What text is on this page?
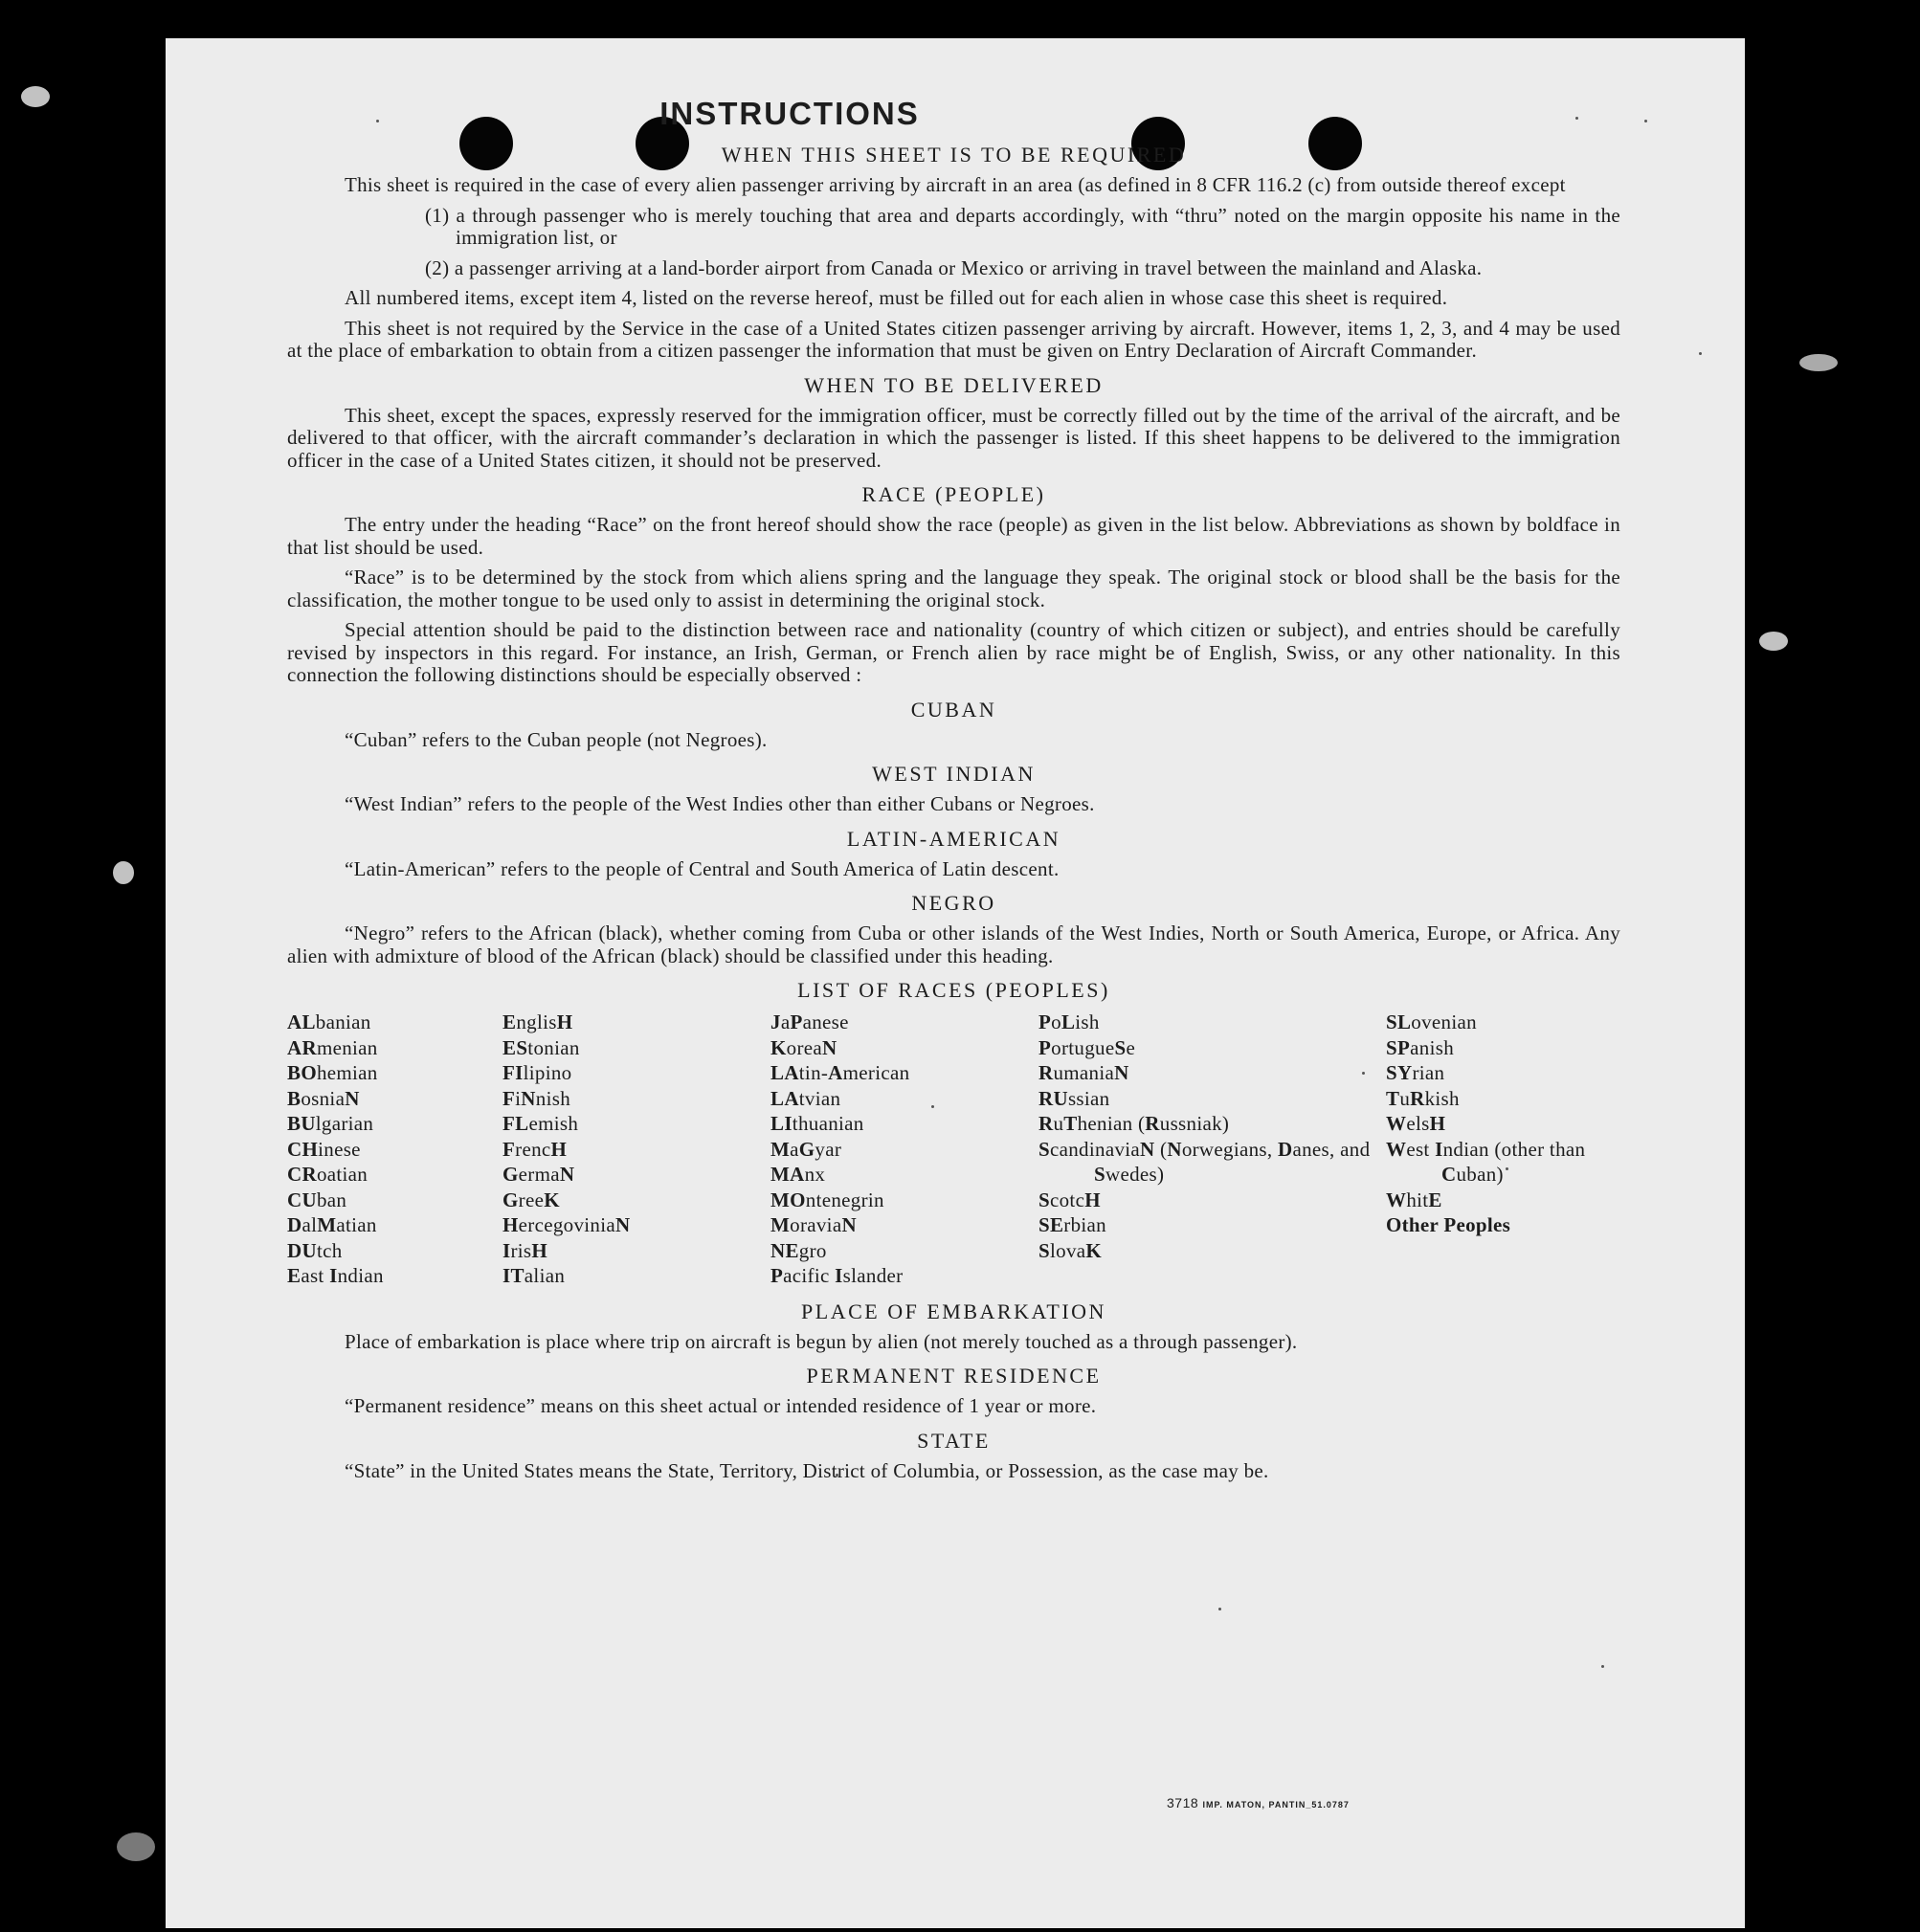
INSTRUCTIONS
WHEN THIS SHEET IS TO BE REQUIRED

This sheet is required in the case of every alien passenger arriving by aircraft in an area (as defined in 8 CFR 116.2 (c) from outside thereof except

(1) a through passenger who is merely touching that area and departs accordingly, with “thru” noted on the margin opposite his name in the immigration list, or
(2) a passenger arriving at a land-border airport from Canada or Mexico or arriving in travel between the mainland and Alaska.

All numbered items, except item 4, listed on the reverse hereof, must be filled out for each alien in whose case this sheet is required.

This sheet is not required by the Service in the case of a United States citizen passenger arriving by aircraft. However, items 1, 2, 3, and 4 may be used at the place of embarkation to obtain from a citizen passenger the information that must be given on Entry Declaration of Aircraft Commander.

WHEN TO BE DELIVERED

This sheet, except the spaces, expressly reserved for the immigration officer, must be correctly filled out by the time of the arrival of the aircraft, and be delivered to that officer, with the aircraft commander’s declaration in which the passenger is listed. If this sheet happens to be delivered to the immigration officer in the case of a United States citizen, it should not be preserved.

RACE (PEOPLE)

The entry under the heading “Race” on the front hereof should show the race (people) as given in the list below. Abbreviations as shown by boldface in that list should be used.

“Race” is to be determined by the stock from which aliens spring and the language they speak. The original stock or blood shall be the basis for the classification, the mother tongue to be used only to assist in determining the original stock.

Special attention should be paid to the distinction between race and nationality (country of which citizen or subject), and entries should be carefully revised by inspectors in this regard. For instance, an Irish, German, or French alien by race might be of English, Swiss, or any other nationality. In this connection the following distinctions should be especially observed :

CUBAN

“Cuban” refers to the Cuban people (not Negroes).

WEST INDIAN

“West Indian” refers to the people of the West Indies other than either Cubans or Negroes.

LATIN-AMERICAN

“Latin-American” refers to the people of Central and South America of Latin descent.

NEGRO

“Negro” refers to the African (black), whether coming from Cuba or other islands of the West Indies, North or South America, Europe, or Africa. Any alien with admixture of blood of the African (black) should be classified under this heading.

LIST OF RACES (PEOPLES)
ALbanian
ARmenian
BOhemian
BosniaN
BUlgarian
CHinese
CRoatian
CUban
DalMatian
DUtch
East Indian
EnglisH
EStonian
FIlipino
FiNnish
FLemish
FrencH
GermaN
GreeK
HercegoviniaN
IrisH
ITalian
JaPanese
KoreaN
LAtin-American
LAtvian
LIthuanian
MaGyar
MAnx
MOntenegrin
MoraviaN
NEgro
Pacific Islander
PoLish
PortugueSe
RumaniaN
RUssian
RuThenian (Russniak)
ScandinaviaN (Norwegians, Danes, and Swedes)
ScotcH
SErbian
SlovaK
SLovenian
SPanish
SYrian
TuRkish
WelsH
West Indian (other than Cuban)
WhitE
Other Peoples
PLACE OF EMBARKATION

Place of embarkation is place where trip on aircraft is begun by alien (not merely touched as a through passenger).

PERMANENT RESIDENCE

“Permanent residence” means on this sheet actual or intended residence of 1 year or more.

STATE

“State” in the United States means the State, Territory, District of Columbia, or Possession, as the case may be.

3718 IMP. MATON, PANTIN_51.0787
